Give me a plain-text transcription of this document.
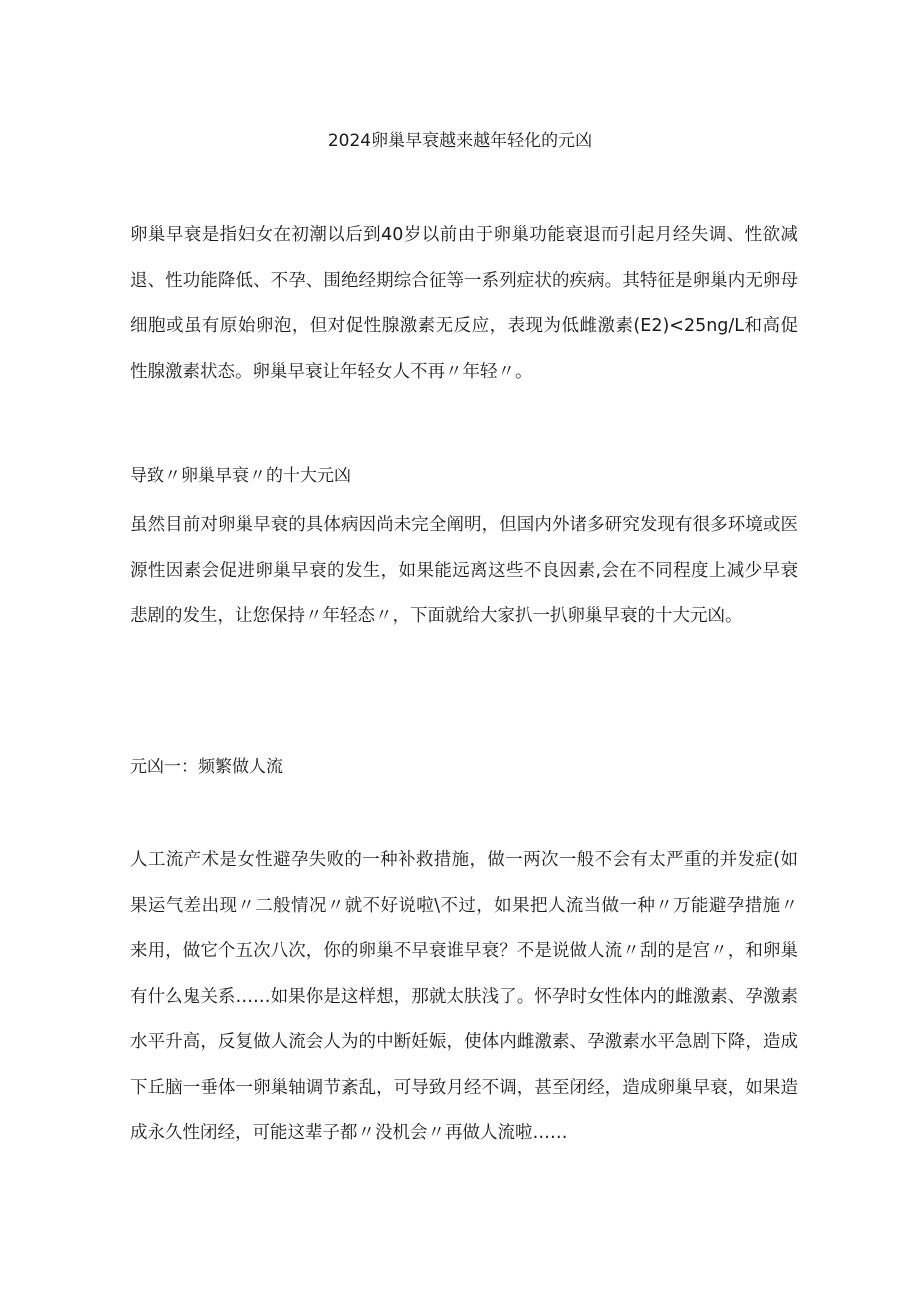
2024卵巢早衰越来越年轻化的元凶

卵巢早衰是指妇女在初潮以后到40岁以前由于卵巢功能衰退而引起月经失调、性欲减退、性功能降低、不孕、围绝经期综合征等一系列症状的疾病。其特征是卵巢内无卵母细胞或虽有原始卵泡，但对促性腺激素无反应，表现为低雌激素(E2)<25ng/L和高促性腺激素状态。卵巢早衰让年轻女人不再〃年轻〃。

导致〃卵巢早衰〃的十大元凶

虽然目前对卵巢早衰的具体病因尚未完全阐明，但国内外诸多研究发现有很多环境或医源性因素会促进卵巢早衰的发生，如果能远离这些不良因素,会在不同程度上减少早衰悲剧的发生，让您保持〃年轻态〃，下面就给大家扒一扒卵巢早衰的十大元凶。

元凶一：频繁做人流

人工流产术是女性避孕失败的一种补救措施，做一两次一般不会有太严重的并发症(如果运气差出现〃二般情况〃就不好说啦\不过，如果把人流当做一种〃万能避孕措施〃来用，做它个五次八次，你的卵巢不早衰谁早衰？不是说做人流〃刮的是宫〃，和卵巢有什么鬼关系……如果你是这样想，那就太肤浅了。怀孕时女性体内的雌激素、孕激素水平升高，反复做人流会人为的中断妊娠，使体内雌激素、孕激素水平急剧下降，造成下丘脑一垂体一卵巢轴调节紊乱，可导致月经不调，甚至闭经，造成卵巢早衰，如果造成永久性闭经，可能这辈子都〃没机会〃再做人流啦……
